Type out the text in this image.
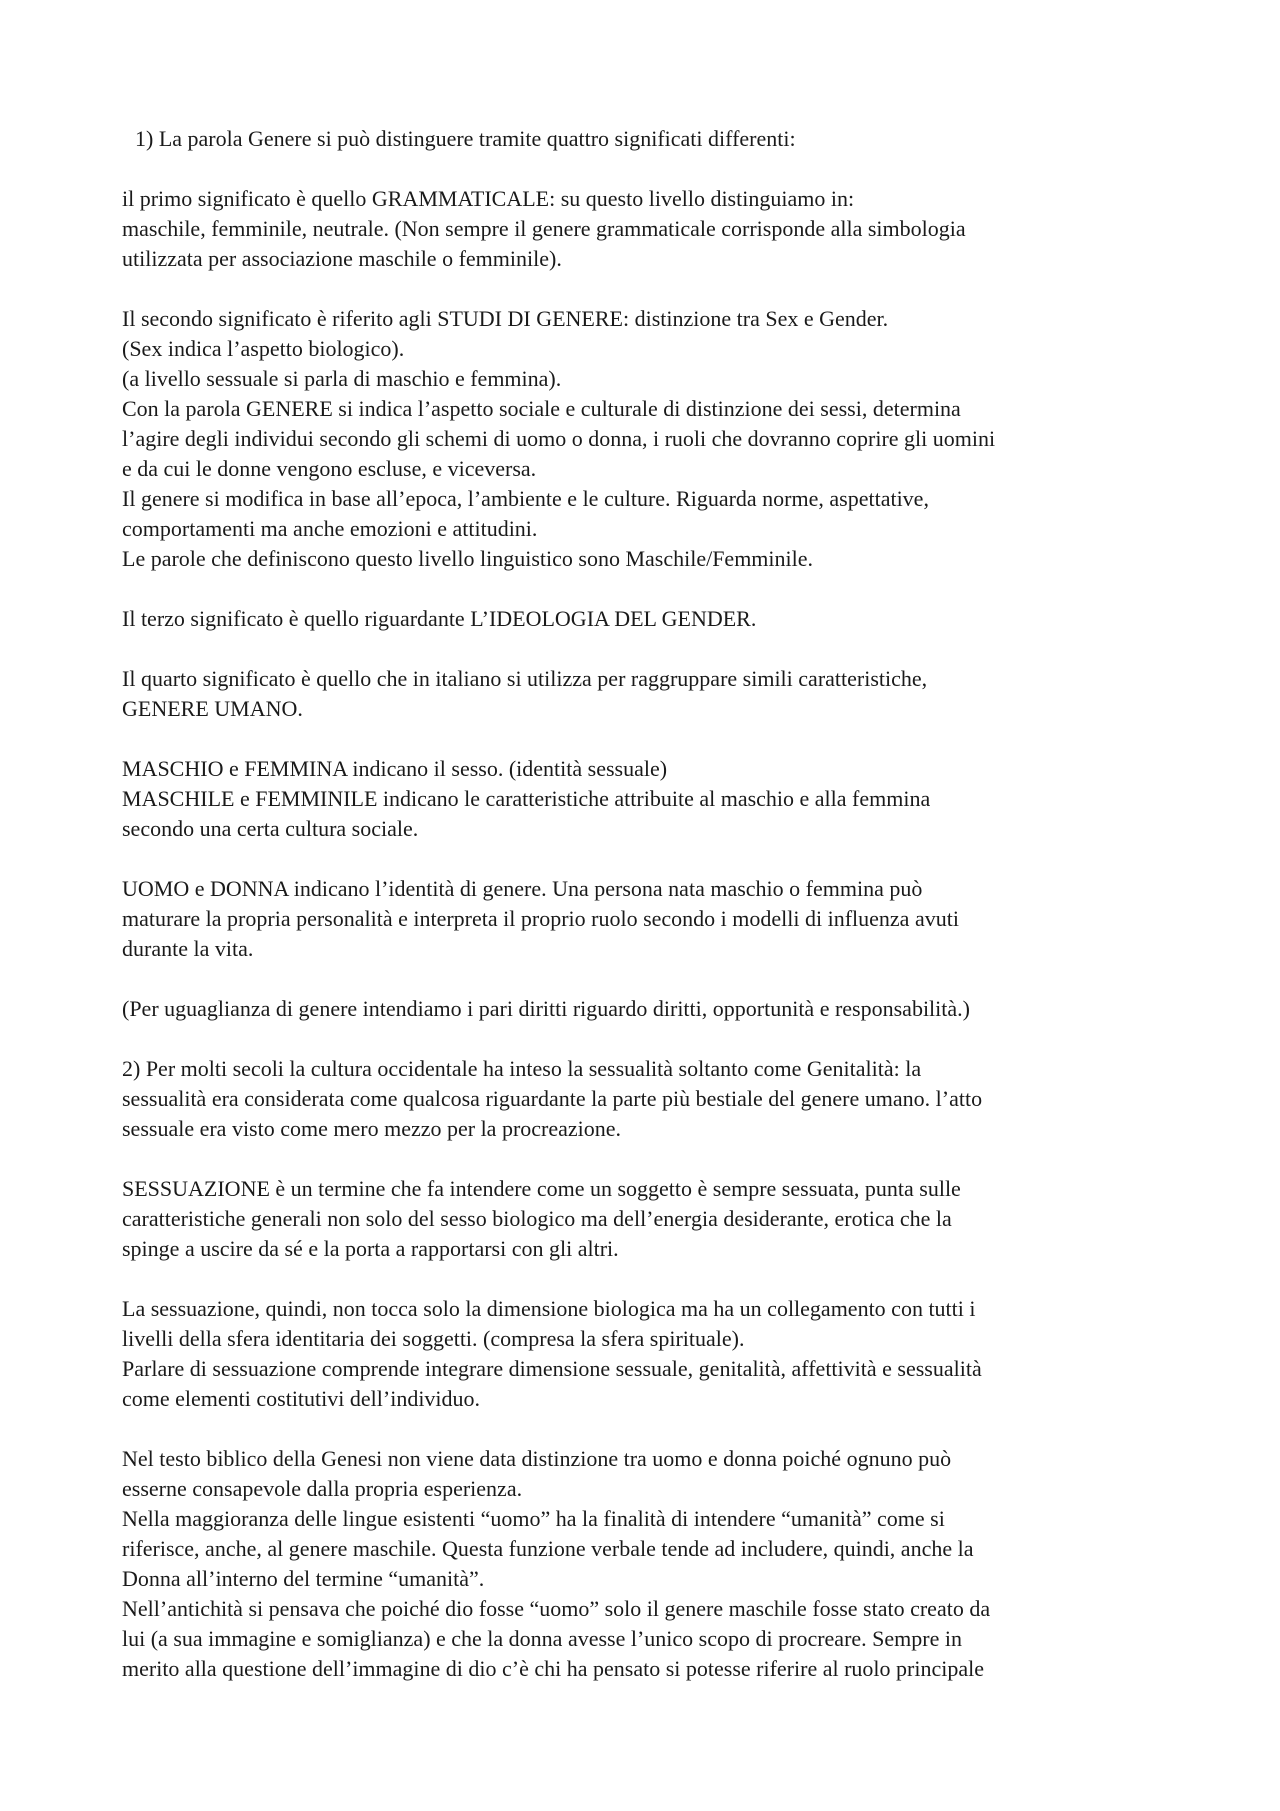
1) La parola Genere si può distinguere tramite quattro significati differenti:
il primo significato è quello GRAMMATICALE: su questo livello distinguiamo in:
maschile, femminile, neutrale. (Non sempre il genere grammaticale corrisponde alla simbologia
utilizzata per associazione maschile o femminile).
Il secondo significato è riferito agli STUDI DI GENERE: distinzione tra Sex e Gender.
(Sex indica l’aspetto biologico).
(a livello sessuale si parla di maschio e femmina).
Con la parola GENERE si indica l’aspetto sociale e culturale di distinzione dei sessi, determina
l’agire degli individui secondo gli schemi di uomo o donna, i ruoli che dovranno coprire gli uomini
e da cui le donne vengono escluse, e viceversa.
Il genere si modifica in base all’epoca, l’ambiente e le culture. Riguarda norme, aspettative,
comportamenti ma anche emozioni e attitudini.
Le parole che definiscono questo livello linguistico sono Maschile/Femminile.
Il terzo significato è quello riguardante L’IDEOLOGIA DEL GENDER.
Il quarto significato è quello che in italiano si utilizza per raggruppare simili caratteristiche,
GENERE UMANO.
MASCHIO e FEMMINA indicano il sesso. (identità sessuale)
MASCHILE e FEMMINILE indicano le caratteristiche attribuite al maschio e alla femmina
secondo una certa cultura sociale.
UOMO e DONNA indicano l’identità di genere. Una persona nata maschio o femmina può
maturare la propria personalità e interpreta il proprio ruolo secondo i modelli di influenza avuti
durante la vita.
(Per uguaglianza di genere intendiamo i pari diritti riguardo diritti, opportunità e responsabilità.)
2) Per molti secoli la cultura occidentale ha inteso la sessualità soltanto come Genitalità: la
sessualità era considerata come qualcosa riguardante la parte più bestiale del genere umano. l’atto
sessuale era visto come mero mezzo per la procreazione.
SESSUAZIONE è un termine che fa intendere come un soggetto è sempre sessuata, punta sulle
caratteristiche generali non solo del sesso biologico ma dell’energia desiderante, erotica che la
spinge a uscire da sé e la porta a rapportarsi con gli altri.
La sessuazione, quindi, non tocca solo la dimensione biologica ma ha un collegamento con tutti i
livelli della sfera identitaria dei soggetti. (compresa la sfera spirituale).
Parlare di sessuazione comprende integrare dimensione sessuale, genitalità, affettività e sessualità
come elementi costitutivi dell’individuo.
Nel testo biblico della Genesi non viene data distinzione tra uomo e donna poiché ognuno può
esserne consapevole dalla propria esperienza.
Nella maggioranza delle lingue esistenti “uomo” ha la finalità di intendere “umanità” come si
riferisce, anche, al genere maschile. Questa funzione verbale tende ad includere, quindi, anche la
Donna all’interno del termine “umanità”.
Nell’antichità si pensava che poiché dio fosse “uomo” solo il genere maschile fosse stato creato da
lui (a sua immagine e somiglianza) e che la donna avesse l’unico scopo di procreare. Sempre in
merito alla questione dell’immagine di dio c’è chi ha pensato si potesse riferire al ruolo principale
